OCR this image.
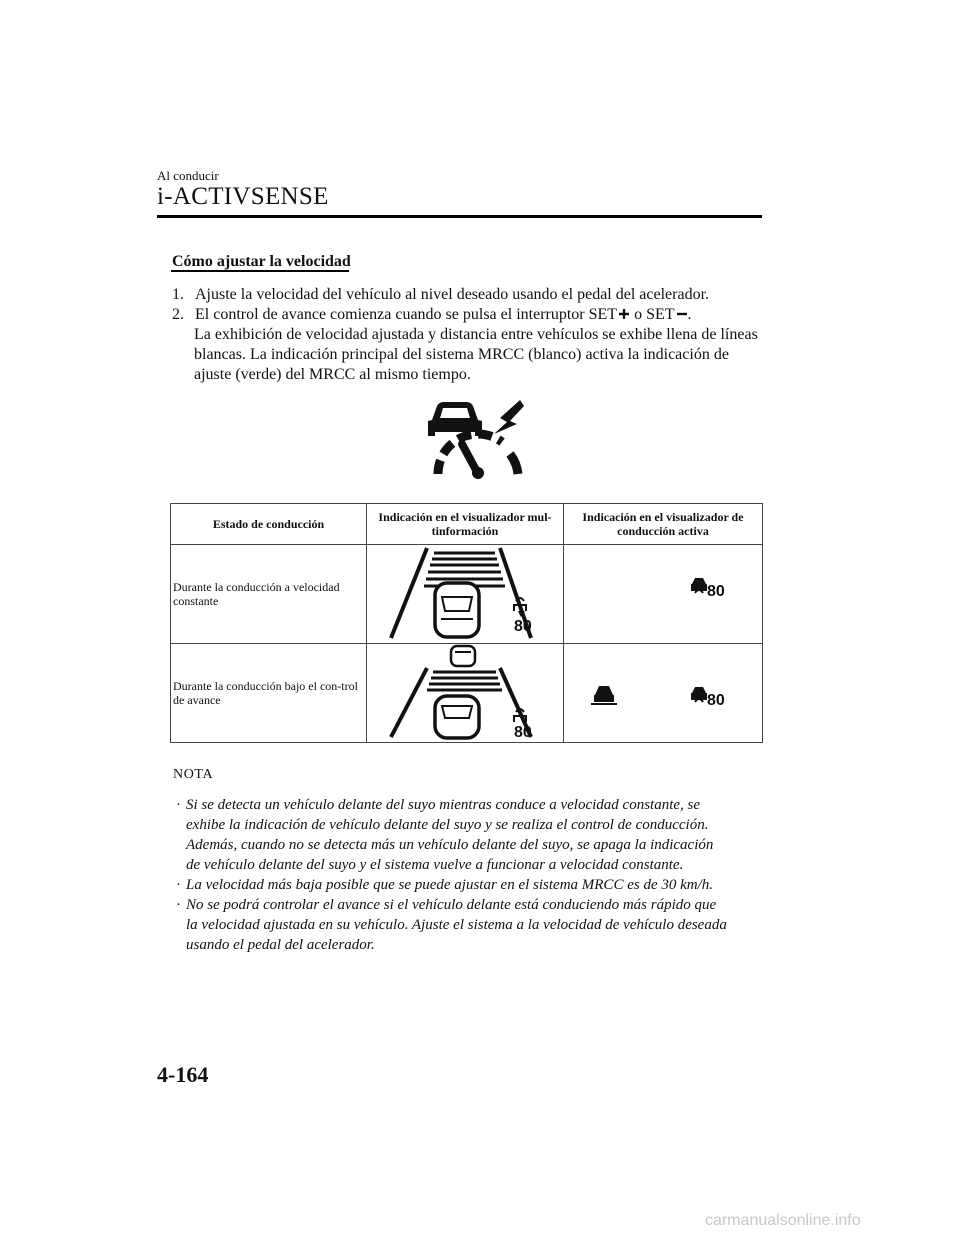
Al conducir
i-ACTIVSENSE
Cómo ajustar la velocidad
1. Ajuste la velocidad del vehículo al nivel deseado usando el pedal del acelerador.
2. El control de avance comienza cuando se pulsa el interruptor SET o SET .
La exhibición de velocidad ajustada y distancia entre vehículos se exhibe llena de líneas
blancas. La indicación principal del sistema MRCC (blanco) activa la indicación de
ajuste (verde) del MRCC al mismo tiempo.
Estado de conducción	Indicación en el visualizador mul-tinformación	Indicación en el visualizador de conducción activa
Durante la conducción a velocidad constante	80	80

Durante la conducción bajo el con-trol de avance	80	80
NOTA
· Si se detecta un vehículo delante del suyo mientras conduce a velocidad constante, se
exhibe la indicación de vehículo delante del suyo y se realiza el control de conducción.
Además, cuando no se detecta más un vehículo delante del suyo, se apaga la indicación
de vehículo delante del suyo y el sistema vuelve a funcionar a velocidad constante.
· La velocidad más baja posible que se puede ajustar en el sistema MRCC es de 30 km/h.
· No se podrá controlar el avance si el vehículo delante está conduciendo más rápido que
la velocidad ajustada en su vehículo. Ajuste el sistema a la velocidad de vehículo deseada
usando el pedal del acelerador.
4-164
carmanualsonline.info
